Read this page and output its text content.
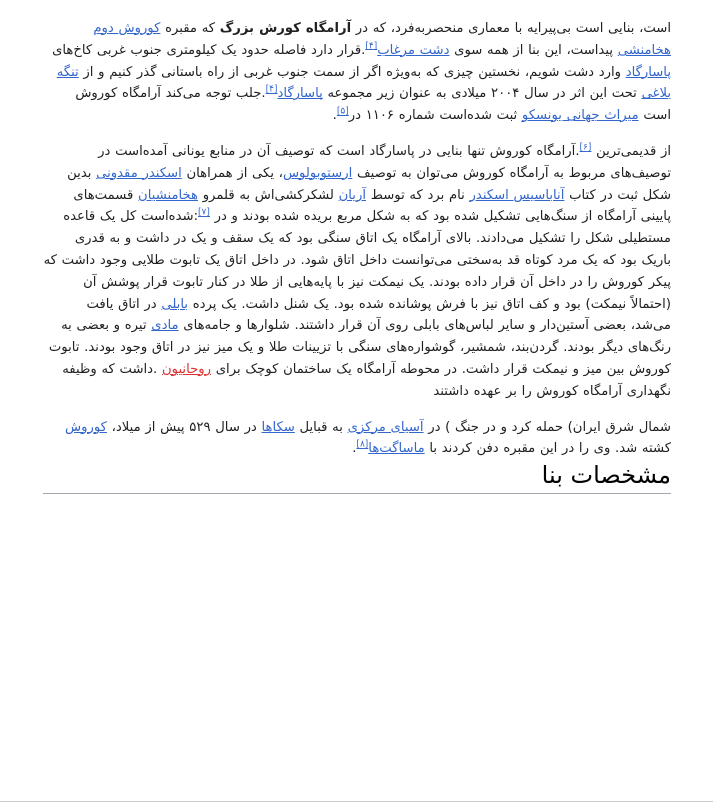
است، بنایی است بی‌پیرایه با معماری منحصربه‌فرد، که در آرامگاه کورش بزرگ که مقبره کوروش دوم هخامنشی پیداست، این بنا از همه سوی دشت مرغاب[۴].قرار دارد فاصله حدود یک کیلومتری جنوب غربی کاخ‌های پاسارگاد وارد دشت شویم، نخستین چیزی که به‌ویژه اگر از سمت جنوب غربی از راه باستانی گذر کنیم و از تنگه بلاغی تحت این اثر در سال ۲۰۰۴ میلادی به عنوان زیر مجموعه پاسارگاد[۴].جلب توجه می‌کند آرامگاه کوروش است میراث جهانی یونسکو ثبت شده‌است شماره ۱۱۰۶ در[۵].

از قدیمی‌ترین [۶].آرامگاه کوروش تنها بنایی در پاسارگاد است که توصیف آن در منابع یونانی آمده‌است در توصیف‌های مربوط به آرامگاه کوروش می‌توان به توصیف ارستوبولوس، یکی از همراهان اسکندر مقدونی بدین شکل ثبت در کتاب آناباسیس اسکندر نام برد که توسط آریان لشکرکشی‌اش به قلمرو هخامنشیان قسمت‌های پایینی آرامگاه از سنگ‌هایی تشکیل شده بود که به شکل مربع بریده شده بودند و در [۷]:شده‌است کل یک قاعده مستطیلی شکل را تشکیل می‌دادند. بالای آرامگاه یک اتاق سنگی بود که یک سقف و یک در داشت و به قدری باریک بود که یک مرد کوتاه قد به‌سختی می‌توانست داخل اتاق شود. در داخل اتاق یک تابوت طلایی وجود داشت که پیکر کوروش را در داخل آن قرار داده بودند. یک نیمکت نیز با پایه‌هایی از طلا در کنار تابوت قرار پوشش آن (احتمالاً نیمکت) بود و کف اتاق نیز با فرش پوشانده شده بود. یک شنل داشت. یک پرده بابلی در اتاق یافت می‌شد، بعضی آستین‌دار و سایر لباس‌های بابلی روی آن قرار داشتند. شلوارها و جامه‌های مادی تیره و بعضی به رنگ‌های دیگر بودند. گردن‌بند، شمشیر، گوشواره‌های سنگی با تزیینات طلا و یک میز نیز در اتاق وجود بودند. تابوت کوروش بین میز و نیمکت قرار داشت. در محوطه آرامگاه یک ساختمان کوچک برای روحانیون .داشت که وظیفه نگهداری آرامگاه کوروش را بر عهده داشتند

شمال شرق ایران) حمله کرد و در جنگ ) در آسیای مرکزی به قبایل سکاها در سال ۵۲۹ پیش از میلاد، کوروش کشته شد. وی را در این مقبره دفن کردند با ماساگت‌ها[۸].

مشخصات بنا
